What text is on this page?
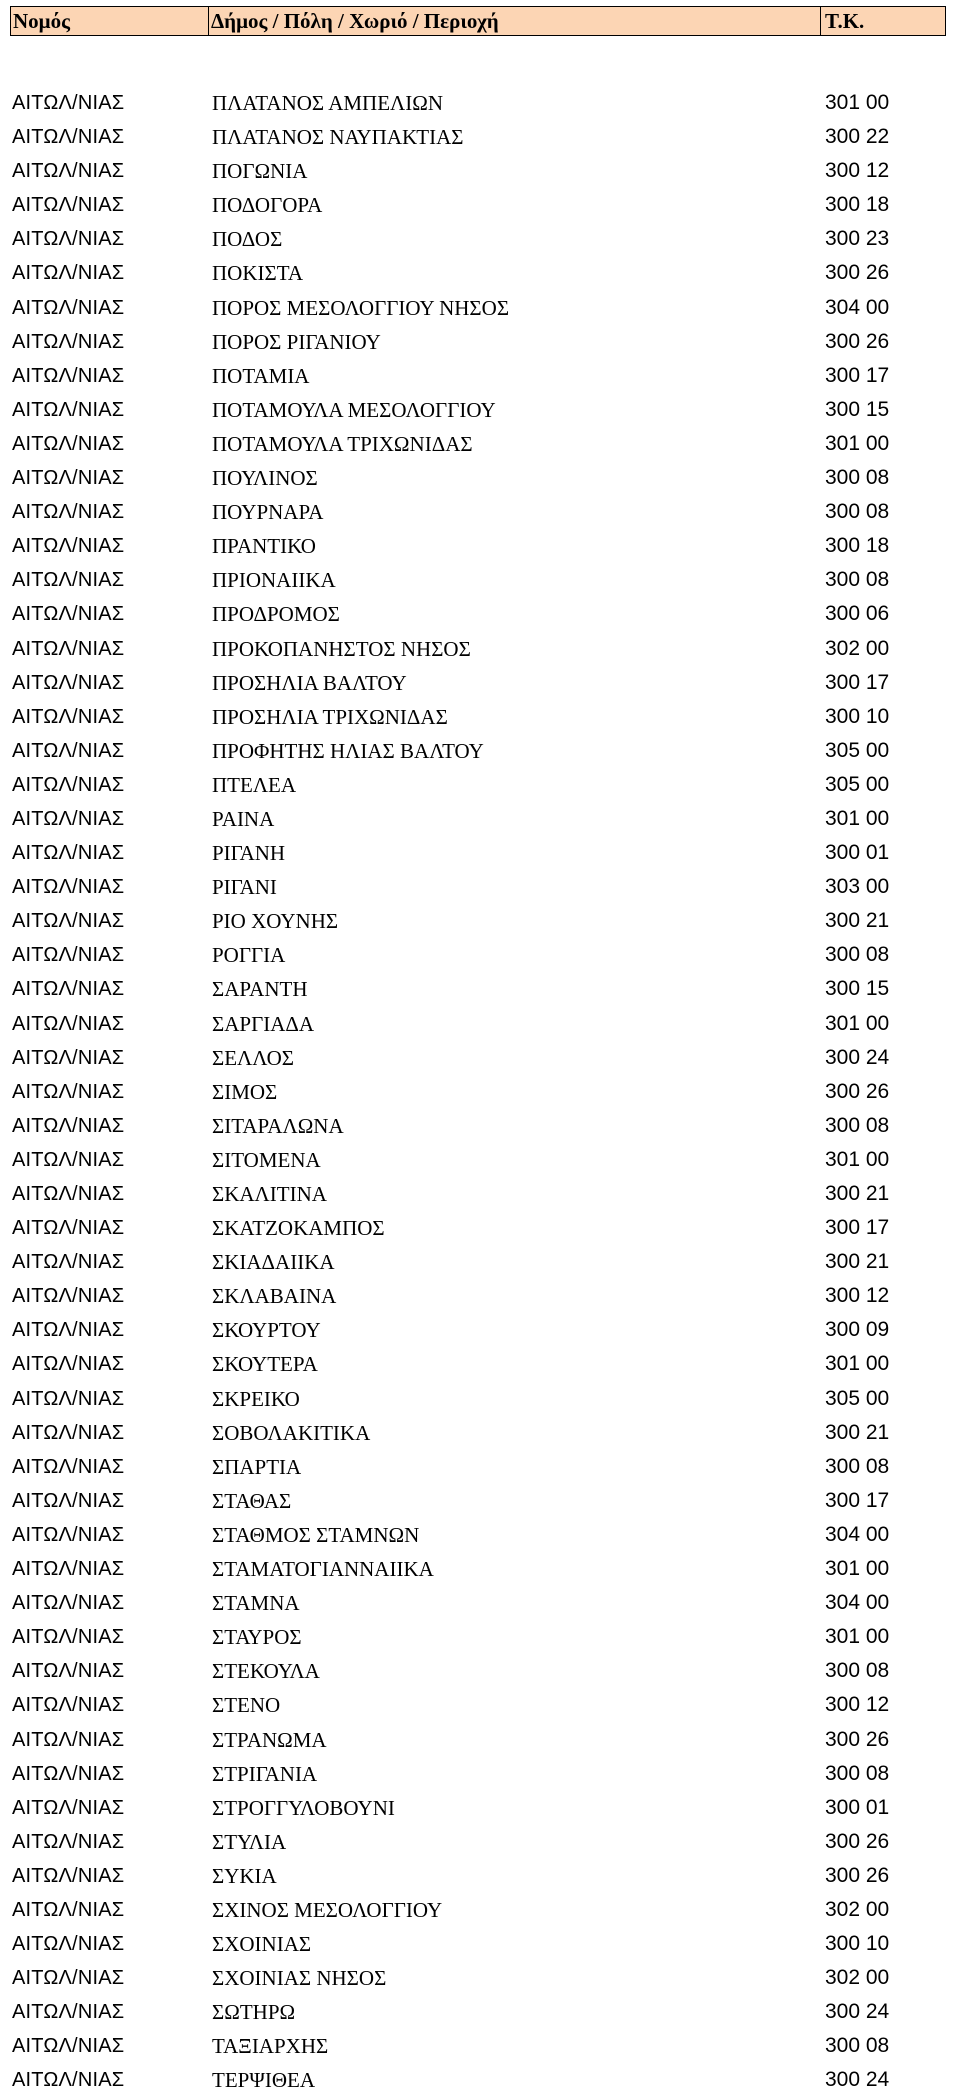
Νομός	Δήμος / Πόλη / Χωριό / Περιοχή	Τ.Κ.
ΑΙΤΩΛ/ΝΙΑΣ	ΠΛΑΤΑΝΟΣ ΑΜΠΕΛΙΩΝ	301 00
ΑΙΤΩΛ/ΝΙΑΣ	ΠΛΑΤΑΝΟΣ ΝΑΥΠΑΚΤΙΑΣ	300 22
ΑΙΤΩΛ/ΝΙΑΣ	ΠΟΓΩΝΙΑ	300 12
ΑΙΤΩΛ/ΝΙΑΣ	ΠΟΔΟΓΟΡΑ	300 18
ΑΙΤΩΛ/ΝΙΑΣ	ΠΟΔΟΣ	300 23
ΑΙΤΩΛ/ΝΙΑΣ	ΠΟΚΙΣΤΑ	300 26
ΑΙΤΩΛ/ΝΙΑΣ	ΠΟΡΟΣ ΜΕΣΟΛΟΓΓΙΟΥ ΝΗΣΟΣ	304 00
ΑΙΤΩΛ/ΝΙΑΣ	ΠΟΡΟΣ ΡΙΓΑΝΙΟΥ	300 26
ΑΙΤΩΛ/ΝΙΑΣ	ΠΟΤΑΜΙΑ	300 17
ΑΙΤΩΛ/ΝΙΑΣ	ΠΟΤΑΜΟΥΛΑ ΜΕΣΟΛΟΓΓΙΟΥ	300 15
ΑΙΤΩΛ/ΝΙΑΣ	ΠΟΤΑΜΟΥΛΑ ΤΡΙΧΩΝΙΔΑΣ	301 00
ΑΙΤΩΛ/ΝΙΑΣ	ΠΟΥΛΙΝΟΣ	300 08
ΑΙΤΩΛ/ΝΙΑΣ	ΠΟΥΡΝΑΡΑ	300 08
ΑΙΤΩΛ/ΝΙΑΣ	ΠΡΑΝΤΙΚΟ	300 18
ΑΙΤΩΛ/ΝΙΑΣ	ΠΡΙΟΝΑΙΙΚΑ	300 08
ΑΙΤΩΛ/ΝΙΑΣ	ΠΡΟΔΡΟΜΟΣ	300 06
ΑΙΤΩΛ/ΝΙΑΣ	ΠΡΟΚΟΠΑΝΗΣΤΟΣ ΝΗΣΟΣ	302 00
ΑΙΤΩΛ/ΝΙΑΣ	ΠΡΟΣΗΛΙΑ ΒΑΛΤΟΥ	300 17
ΑΙΤΩΛ/ΝΙΑΣ	ΠΡΟΣΗΛΙΑ ΤΡΙΧΩΝΙΔΑΣ	300 10
ΑΙΤΩΛ/ΝΙΑΣ	ΠΡΟΦΗΤΗΣ ΗΛΙΑΣ ΒΑΛΤΟΥ	305 00
ΑΙΤΩΛ/ΝΙΑΣ	ΠΤΕΛΕΑ	305 00
ΑΙΤΩΛ/ΝΙΑΣ	ΡΑΙΝΑ	301 00
ΑΙΤΩΛ/ΝΙΑΣ	ΡΙΓΑΝΗ	300 01
ΑΙΤΩΛ/ΝΙΑΣ	ΡΙΓΑΝΙ	303 00
ΑΙΤΩΛ/ΝΙΑΣ	ΡΙΟ ΧΟΥΝΗΣ	300 21
ΑΙΤΩΛ/ΝΙΑΣ	ΡΟΓΓΙΑ	300 08
ΑΙΤΩΛ/ΝΙΑΣ	ΣΑΡΑΝΤΗ	300 15
ΑΙΤΩΛ/ΝΙΑΣ	ΣΑΡΓΙΑΔΑ	301 00
ΑΙΤΩΛ/ΝΙΑΣ	ΣΕΛΛΟΣ	300 24
ΑΙΤΩΛ/ΝΙΑΣ	ΣΙΜΟΣ	300 26
ΑΙΤΩΛ/ΝΙΑΣ	ΣΙΤΑΡΑΛΩΝΑ	300 08
ΑΙΤΩΛ/ΝΙΑΣ	ΣΙΤΟΜΕΝΑ	301 00
ΑΙΤΩΛ/ΝΙΑΣ	ΣΚΑΛΙΤΙΝΑ	300 21
ΑΙΤΩΛ/ΝΙΑΣ	ΣΚΑΤΖΟΚΑΜΠΟΣ	300 17
ΑΙΤΩΛ/ΝΙΑΣ	ΣΚΙΑΔΑΙΙΚΑ	300 21
ΑΙΤΩΛ/ΝΙΑΣ	ΣΚΛΑΒΑΙΝΑ	300 12
ΑΙΤΩΛ/ΝΙΑΣ	ΣΚΟΥΡΤΟΥ	300 09
ΑΙΤΩΛ/ΝΙΑΣ	ΣΚΟΥΤΕΡΑ	301 00
ΑΙΤΩΛ/ΝΙΑΣ	ΣΚΡΕΙΚΟ	305 00
ΑΙΤΩΛ/ΝΙΑΣ	ΣΟΒΟΛΑΚΙΤΙΚΑ	300 21
ΑΙΤΩΛ/ΝΙΑΣ	ΣΠΑΡΤΙΑ	300 08
ΑΙΤΩΛ/ΝΙΑΣ	ΣΤΑΘΑΣ	300 17
ΑΙΤΩΛ/ΝΙΑΣ	ΣΤΑΘΜΟΣ ΣΤΑΜΝΩΝ	304 00
ΑΙΤΩΛ/ΝΙΑΣ	ΣΤΑΜΑΤΟΓΙΑΝΝΑΙΙΚΑ	301 00
ΑΙΤΩΛ/ΝΙΑΣ	ΣΤΑΜΝΑ	304 00
ΑΙΤΩΛ/ΝΙΑΣ	ΣΤΑΥΡΟΣ	301 00
ΑΙΤΩΛ/ΝΙΑΣ	ΣΤΕΚΟΥΛΑ	300 08
ΑΙΤΩΛ/ΝΙΑΣ	ΣΤΕΝΟ	300 12
ΑΙΤΩΛ/ΝΙΑΣ	ΣΤΡΑΝΩΜΑ	300 26
ΑΙΤΩΛ/ΝΙΑΣ	ΣΤΡΙΓΑΝΙΑ	300 08
ΑΙΤΩΛ/ΝΙΑΣ	ΣΤΡΟΓΓΥΛΟΒΟΥΝΙ	300 01
ΑΙΤΩΛ/ΝΙΑΣ	ΣΤΥΛΙΑ	300 26
ΑΙΤΩΛ/ΝΙΑΣ	ΣΥΚΙΑ	300 26
ΑΙΤΩΛ/ΝΙΑΣ	ΣΧΙΝΟΣ ΜΕΣΟΛΟΓΓΙΟΥ	302 00
ΑΙΤΩΛ/ΝΙΑΣ	ΣΧΟΙΝΙΑΣ	300 10
ΑΙΤΩΛ/ΝΙΑΣ	ΣΧΟΙΝΙΑΣ ΝΗΣΟΣ	302 00
ΑΙΤΩΛ/ΝΙΑΣ	ΣΩΤΗΡΩ	300 24
ΑΙΤΩΛ/ΝΙΑΣ	ΤΑΞΙΑΡΧΗΣ	300 08
ΑΙΤΩΛ/ΝΙΑΣ	ΤΕΡΨΙΘΕΑ	300 24
